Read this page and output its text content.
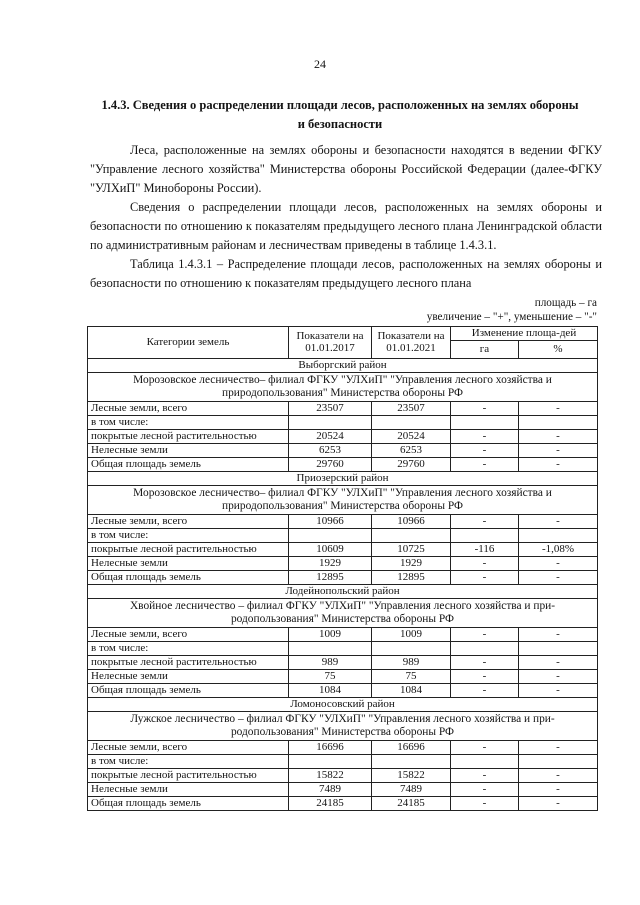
24
1.4.3. Сведения о распределении площади лесов, расположенных на землях обороны
и безопасности

Леса, расположенные на землях обороны и безопасности находятся в ведении ФГКУ "Управление лесного хозяйства" Министерства обороны Российской Федерации (далее-ФГКУ "УЛХиП" Минобороны России).

Сведения о распределении площади лесов, расположенных на землях обороны и безопасности по отношению к показателям предыдущего лесного плана Ленинградской области по административным районам и лесничествам приведены в таблице 1.4.3.1.

Таблица 1.4.3.1 – Распределение площади лесов, расположенных на землях обороны и безопасности по отношению к показателям предыдущего лесного плана

площадь – га
увеличение – "+", уменьшение – "-"
Категории земель	Показатели на 01.01.2017	Показатели на 01.01.2021	Изменение площа-дей	
			га	%
Выборгский район				
Морозовское лесничество– филиал ФГКУ "УЛХиП" "Управления лесного хозяйства и природопользования" Министерства обороны РФ				
Лесные земли, всего	23507	23507	-	-
в том числе:				
покрытые лесной растительностью	20524	20524	-	-
Нелесные земли	6253	6253	-	-
Общая площадь земель	29760	29760	-	-
Приозерский район				
Морозовское лесничество– филиал ФГКУ "УЛХиП" "Управления лесного хозяйства и природопользования" Министерства обороны РФ				
Лесные земли, всего	10966	10966	-	-
в том числе:				
покрытые лесной растительностью	10609	10725	-116	-1,08%
Нелесные земли	1929	1929	-	-
Общая площадь земель	12895	12895	-	-
Лодейнопольский район				
Хвойное лесничество – филиал ФГКУ "УЛХиП" "Управления лесного хозяйства и при-родопользования" Министерства обороны РФ				
Лесные земли, всего	1009	1009	-	-
в том числе:				
покрытые лесной растительностью	989	989	-	-
Нелесные земли	75	75	-	-
Общая площадь земель	1084	1084	-	-
Ломоносовский район				
Лужское лесничество – филиал ФГКУ "УЛХиП" "Управления лесного хозяйства и при-родопользования" Министерства обороны РФ				
Лесные земли, всего	16696	16696	-	-
в том числе:				
покрытые лесной растительностью	15822	15822	-	-
Нелесные земли	7489	7489	-	-
Общая площадь земель	24185	24185	-	-
